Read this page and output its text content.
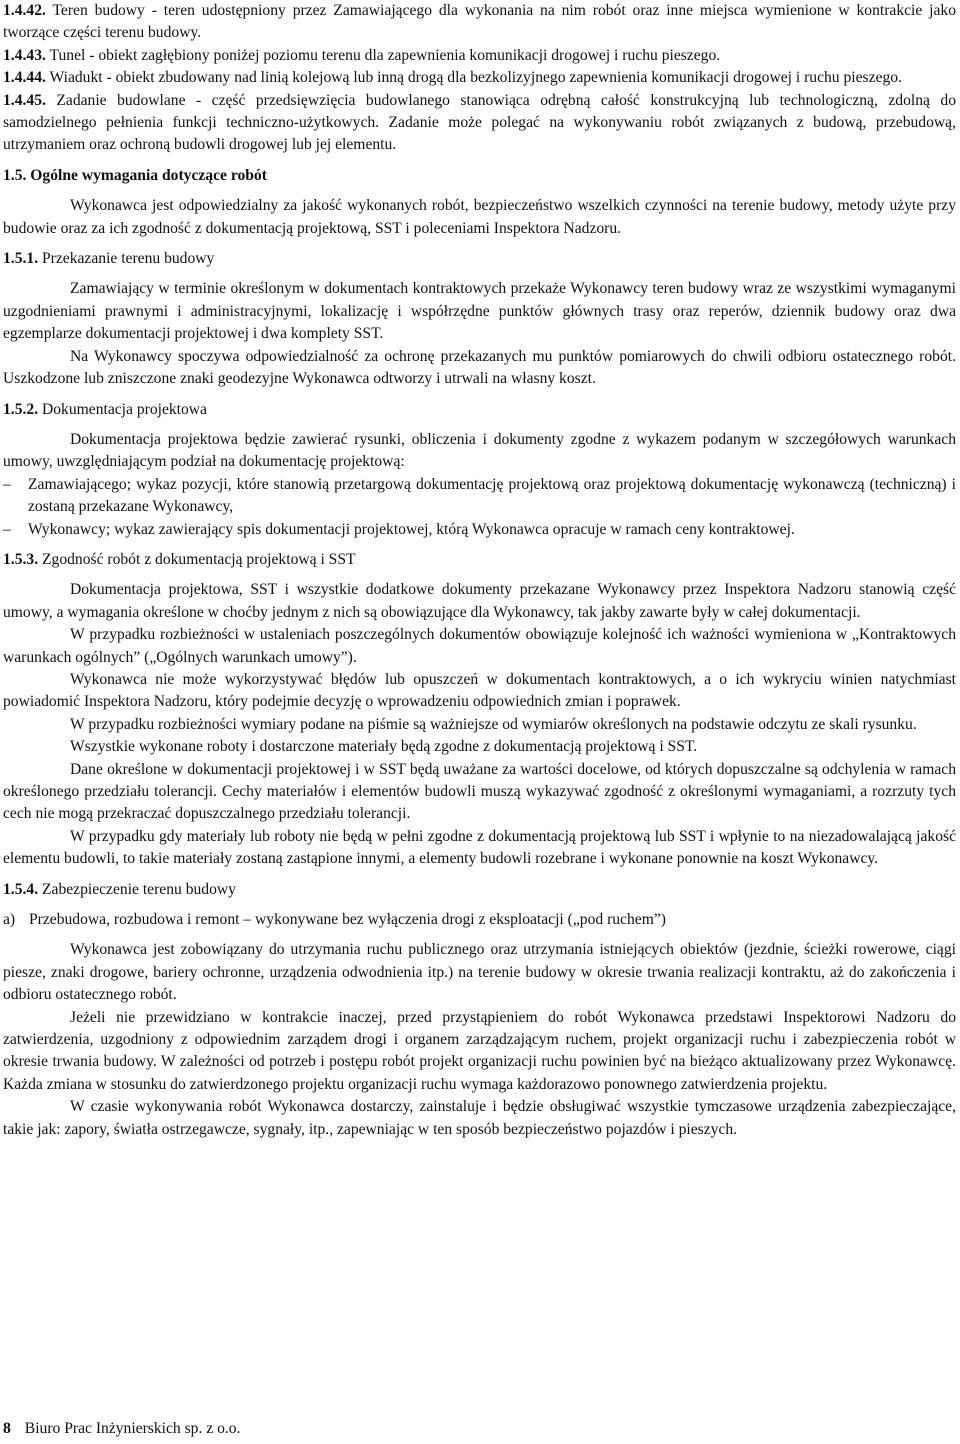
1.4.42. Teren budowy - teren udostępniony przez Zamawiającego dla wykonania na nim robót oraz inne miejsca wymienione w kontrakcie jako tworzące części terenu budowy.

1.4.43. Tunel - obiekt zagłębiony poniżej poziomu terenu dla zapewnienia komunikacji drogowej i ruchu pieszego.

1.4.44. Wiadukt - obiekt zbudowany nad linią kolejową lub inną drogą dla bezkolizyjnego zapewnienia komunikacji drogowej i ruchu pieszego.

1.4.45. Zadanie budowlane - część przedsięwzięcia budowlanego stanowiąca odrębną całość konstrukcyjną lub technologiczną, zdolną do samodzielnego pełnienia funkcji techniczno-użytkowych. Zadanie może polegać na wykonywaniu robót związanych z budową, przebudową, utrzymaniem oraz ochroną budowli drogowej lub jej elementu.

1.5. Ogólne wymagania dotyczące robót

Wykonawca jest odpowiedzialny za jakość wykonanych robót, bezpieczeństwo wszelkich czynności na terenie budowy, metody użyte przy budowie oraz za ich zgodność z dokumentacją projektową, SST i poleceniami Inspektora Nadzoru.

1.5.1. Przekazanie terenu budowy

Zamawiający w terminie określonym w dokumentach kontraktowych przekaże Wykonawcy teren budowy wraz ze wszystkimi wymaganymi uzgodnieniami prawnymi i administracyjnymi, lokalizację i współrzędne punktów głównych trasy oraz reperów, dziennik budowy oraz dwa egzemplarze dokumentacji projektowej i dwa komplety SST.

Na Wykonawcy spoczywa odpowiedzialność za ochronę przekazanych mu punktów pomiarowych do chwili odbioru ostatecznego robót. Uszkodzone lub zniszczone znaki geodezyjne Wykonawca odtworzy i utrwali na własny koszt.

1.5.2. Dokumentacja projektowa

Dokumentacja projektowa będzie zawierać rysunki, obliczenia i dokumenty zgodne z wykazem podanym w szczegółowych warunkach umowy, uwzględniającym podział na dokumentację projektową:

–	Zamawiającego; wykaz pozycji, które stanowią przetargową dokumentację projektową oraz projektową dokumentację wykonawczą (techniczną) i zostaną przekazane Wykonawcy,
–	Wykonawcy; wykaz zawierający spis dokumentacji projektowej, którą Wykonawca opracuje w ramach ceny kontraktowej.

1.5.3. Zgodność robót z dokumentacją projektową i SST

Dokumentacja projektowa, SST i wszystkie dodatkowe dokumenty przekazane Wykonawcy przez Inspektora Nadzoru stanowią część umowy, a wymagania określone w choćby jednym z nich są obowiązujące dla Wykonawcy, tak jakby zawarte były w całej dokumentacji.

W przypadku rozbieżności w ustaleniach poszczególnych dokumentów obowiązuje kolejność ich ważności wymieniona w „Kontraktowych warunkach ogólnych” („Ogólnych warunkach umowy”).

Wykonawca nie może wykorzystywać błędów lub opuszczeń w dokumentach kontraktowych, a o ich wykryciu winien natychmiast powiadomić Inspektora Nadzoru, który podejmie decyzję o wprowadzeniu odpowiednich zmian i poprawek.

W przypadku rozbieżności wymiary podane na piśmie są ważniejsze od wymiarów określonych na podstawie odczytu ze skali rysunku.

Wszystkie wykonane roboty i dostarczone materiały będą zgodne z dokumentacją projektową i SST.

Dane określone w dokumentacji projektowej i w SST będą uważane za wartości docelowe, od których dopuszczalne są odchylenia w ramach określonego przedziału tolerancji. Cechy materiałów i elementów budowli muszą wykazywać zgodność z określonymi wymaganiami, a rozrzuty tych cech nie mogą przekraczać dopuszczalnego przedziału tolerancji.

W przypadku gdy materiały lub roboty nie będą w pełni zgodne z dokumentacją projektową lub SST i wpłynie to na niezadowalającą jakość elementu budowli, to takie materiały zostaną zastąpione innymi, a elementy budowli rozebrane i wykonane ponownie na koszt Wykonawcy.

1.5.4. Zabezpieczenie terenu budowy

a) Przebudowa, rozbudowa i remont – wykonywane bez wyłączenia drogi z eksploatacji („pod ruchem”)

Wykonawca jest zobowiązany do utrzymania ruchu publicznego oraz utrzymania istniejących obiektów (jezdnie, ścieżki rowerowe, ciągi piesze, znaki drogowe, bariery ochronne, urządzenia odwodnienia itp.) na terenie budowy w okresie trwania realizacji kontraktu, aż do zakończenia i odbioru ostatecznego robót.

Jeżeli nie przewidziano w kontrakcie inaczej, przed przystąpieniem do robót Wykonawca przedstawi Inspektorowi Nadzoru do zatwierdzenia, uzgodniony z odpowiednim zarządem drogi i organem zarządzającym ruchem, projekt organizacji ruchu i zabezpieczenia robót w okresie trwania budowy. W zależności od potrzeb i postępu robót projekt organizacji ruchu powinien być na bieżąco aktualizowany przez Wykonawcę. Każda zmiana w stosunku do zatwierdzonego projektu organizacji ruchu wymaga każdorazowo ponownego zatwierdzenia projektu.

W czasie wykonywania robót Wykonawca dostarczy, zainstaluje i będzie obsługiwać wszystkie tymczasowe urządzenia zabezpieczające, takie jak: zapory, światła ostrzegawcze, sygnały, itp., zapewniając w ten sposób bezpieczeństwo pojazdów i pieszych.

8 Biuro Prac Inżynierskich sp. z o.o.
